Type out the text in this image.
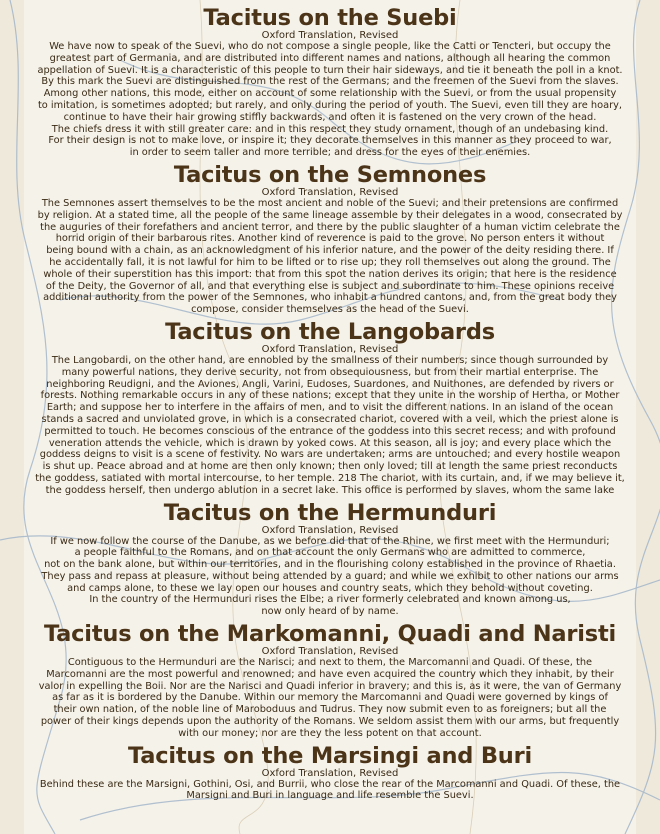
Tacitus on the Suebi
Oxford Translation, Revised
We have now to speak of the Suevi, who do not compose a single people, like the Catti or Tencteri, but occupy the
greatest part of Germania, and are distributed into different names and nations, although all hearing the common
appellation of Suevi. It is a characteristic of this people to turn their hair sideways, and tie it beneath the poll in a knot.
By this mark the Suevi are distinguished from the rest of the Germans; and the freemen of the Suevi from the slaves.
Among other nations, this mode, either on account of some relationship with the Suevi, or from the usual propensity
to imitation, is sometimes adopted; but rarely, and only during the period of youth. The Suevi, even till they are hoary,
continue to have their hair growing stiffly backwards, and often it is fastened on the very crown of the head.
The chiefs dress it with still greater care: and in this respect they study ornament, though of an undebasing kind.
For their design is not to make love, or inspire it; they decorate themselves in this manner as they proceed to war,
in order to seem taller and more terrible; and dress for the eyes of their enemies.
Tacitus on the Semnones
Oxford Translation, Revised
The Semnones assert themselves to be the most ancient and noble of the Suevi; and their pretensions are confirmed
by religion. At a stated time, all the people of the same lineage assemble by their delegates in a wood, consecrated by
the auguries of their forefathers and ancient terror, and there by the public slaughter of a human victim celebrate the
horrid origin of their barbarous rites. Another kind of reverence is paid to the grove. No person enters it without
being bound with a chain, as an acknowledgment of his inferior nature, and the power of the deity residing there. If
he accidentally fall, it is not lawful for him to be lifted or to rise up; they roll themselves out along the ground. The
whole of their superstition has this import: that from this spot the nation derives its origin; that here is the residence
of the Deity, the Governor of all, and that everything else is subject and subordinate to him. These opinions receive
additional authority from the power of the Semnones, who inhabit a hundred cantons, and, from the great body they
compose, consider themselves as the head of the Suevi.
Tacitus on the Langobards
Oxford Translation, Revised
The Langobardi, on the other hand, are ennobled by the smallness of their numbers; since though surrounded by
many powerful nations, they derive security, not from obsequiousness, but from their martial enterprise. The
neighboring Reudigni, and the Aviones, Angli, Varini, Eudoses, Suardones, and Nuithones, are defended by rivers or
forests. Nothing remarkable occurs in any of these nations; except that they unite in the worship of Hertha, or Mother
Earth; and suppose her to interfere in the affairs of men, and to visit the different nations. In an island of the ocean
stands a sacred and unviolated grove, in which is a consecrated chariot, covered with a veil, which the priest alone is
permitted to touch. He becomes conscious of the entrance of the goddess into this secret recess; and with profound
veneration attends the vehicle, which is drawn by yoked cows. At this season, all is joy; and every place which the
goddess deigns to visit is a scene of festivity. No wars are undertaken; arms are untouched; and every hostile weapon
is shut up. Peace abroad and at home are then only known; then only loved; till at length the same priest reconducts
the goddess, satiated with mortal intercourse, to her temple. 218 The chariot, with its curtain, and, if we may believe it,
the goddess herself, then undergo ablution in a secret lake. This office is performed by slaves, whom the same lake
Tacitus on the Hermunduri
Oxford Translation, Revised
If we now follow the course of the Danube, as we before did that of the Rhine, we first meet with the Hermunduri;
a people faithful to the Romans, and on that account the only Germans who are admitted to commerce,
not on the bank alone, but within our territories, and in the flourishing colony established in the province of Rhaetia.
They pass and repass at pleasure, without being attended by a guard; and while we exhibit to other nations our arms
and camps alone, to these we lay open our houses and country seats, which they behold without coveting.
In the country of the Hermunduri rises the Elbe; a river formerly celebrated and known among us,
now only heard of by name.
Tacitus on the Markomanni, Quadi and Naristi
Oxford Translation, Revised
Contiguous to the Hermunduri are the Narisci; and next to them, the Marcomanni and Quadi. Of these, the
Marcomanni are the most powerful and renowned; and have even acquired the country which they inhabit, by their
valor in expelling the Boii. Nor are the Narisci and Quadi inferior in bravery; and this is, as it were, the van of Germany
as far as it is bordered by the Danube. Within our memory the Marcomanni and Quadi were governed by kings of
their own nation, of the noble line of Maroboduus and Tudrus. They now submit even to as foreigners; but all the
power of their kings depends upon the authority of the Romans. We seldom assist them with our arms, but frequently
with our money; nor are they the less potent on that account.
Tacitus on the Marsingi and Buri
Oxford Translation, Revised
Behind these are the Marsigni, Gothini, Osi, and Burrii, who close the rear of the Marcomanni and Quadi. Of these, the
Marsigni and Buri in language and life resemble the Suevi.
